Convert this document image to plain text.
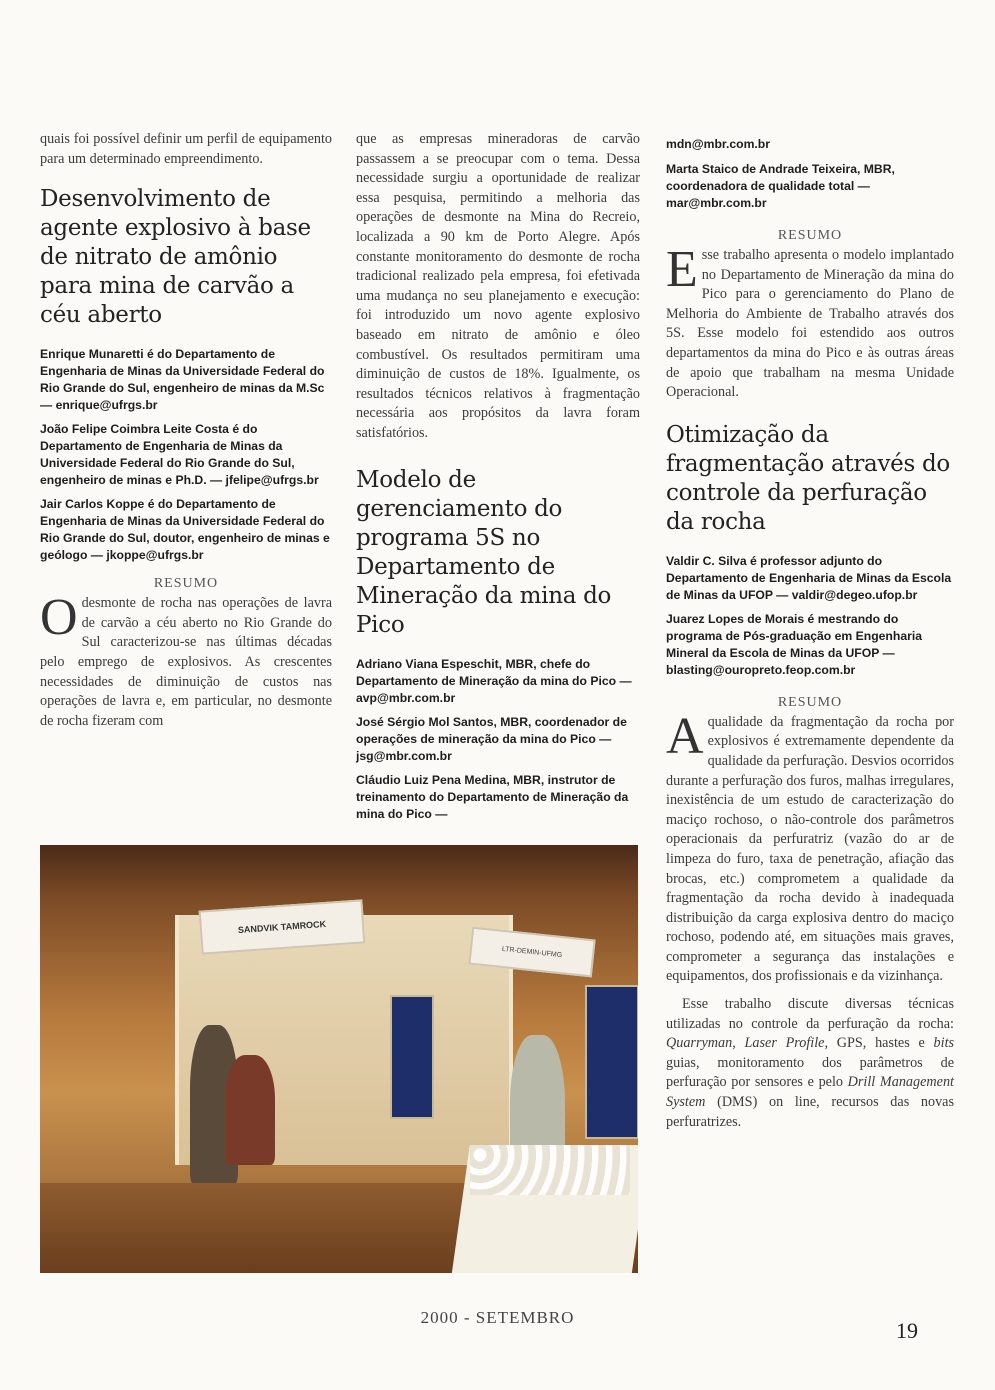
quais foi possível definir um perfil de equipamento para um determinado empreendimento.

Desenvolvimento de agente explosivo à base de nitrato de amônio para mina de carvão a céu aberto

Enrique Munaretti é do Departamento de Engenharia de Minas da Universidade Federal do Rio Grande do Sul, engenheiro de minas da M.Sc — enrique@ufrgs.br

João Felipe Coimbra Leite Costa é do Departamento de Engenharia de Minas da Universidade Federal do Rio Grande do Sul, engenheiro de minas e Ph.D. — jfelipe@ufrgs.br

Jair Carlos Koppe é do Departamento de Engenharia de Minas da Universidade Federal do Rio Grande do Sul, doutor, engenheiro de minas e geólogo — jkoppe@ufrgs.br

RESUMO

Odesmonte de rocha nas operações de lavra de carvão a céu aberto no Rio Grande do Sul caracterizou-se nas últimas décadas pelo emprego de explosivos. As crescentes necessidades de diminuição de custos nas operações de lavra e, em particular, no desmonte de rocha fizeram com

que as empresas mineradoras de carvão passassem a se preocupar com o tema. Dessa necessidade surgiu a oportunidade de realizar essa pesquisa, permitindo a melhoria das operações de desmonte na Mina do Recreio, localizada a 90 km de Porto Alegre. Após constante monitoramento do desmonte de rocha tradicional realizado pela empresa, foi efetivada uma mudança no seu planejamento e execução: foi introduzido um novo agente explosivo baseado em nitrato de amônio e óleo combustível. Os resultados permitiram uma diminuição de custos de 18%. Igualmente, os resultados técnicos relativos à fragmentação necessária aos propósitos da lavra foram satisfatórios.

Modelo de gerenciamento do programa 5S no Departamento de Mineração da mina do Pico

Adriano Viana Espeschit, MBR, chefe do Departamento de Mineração da mina do Pico — avp@mbr.com.br

José Sérgio Mol Santos, MBR, coordenador de operações de mineração da mina do Pico — jsg@mbr.com.br

Cláudio Luiz Pena Medina, MBR, instrutor de treinamento do Departamento de Mineração da mina do Pico —

mdn@mbr.com.br

Marta Staico de Andrade Teixeira, MBR, coordenadora de qualidade total — mar@mbr.com.br

RESUMO

Esse trabalho apresenta o modelo implantado no Departamento de Mineração da mina do Pico para o gerenciamento do Plano de Melhoria do Ambiente de Trabalho através dos 5S. Esse modelo foi estendido aos outros departamentos da mina do Pico e às outras áreas de apoio que trabalham na mesma Unidade Operacional.

Otimização da fragmentação através do controle da perfuração da rocha

Valdir C. Silva é professor adjunto do Departamento de Engenharia de Minas da Escola de Minas da UFOP — valdir@degeo.ufop.br

Juarez Lopes de Morais é mestrando do programa de Pós-graduação em Engenharia Mineral da Escola de Minas da UFOP — blasting@ouropreto.feop.com.br

RESUMO

Aqualidade da fragmentação da rocha por explosivos é extremamente dependente da qualidade da perfuração. Desvios ocorridos durante a perfuração dos furos, malhas irregulares, inexistência de um estudo de caracterização do maciço rochoso, o não-controle dos parâmetros operacionais da perfuratriz (vazão do ar de limpeza do furo, taxa de penetração, afiação das brocas, etc.) comprometem a qualidade da fragmentação da rocha devido à inadequada distribuição da carga explosiva dentro do maciço rochoso, podendo até, em situações mais graves, comprometer a segurança das instalações e equipamentos, dos profissionais e da vizinhança.

Esse trabalho discute diversas técnicas utilizadas no controle da perfuração da rocha: Quarryman, Laser Profile, GPS, hastes e bits guias, monitoramento dos parâmetros de perfuração por sensores e pelo Drill Management System (DMS) on line, recursos das novas perfuratrizes.

SANDVIK TAMROCK
LTR-DEMIN-UFMG
2000 - SETEMBRO
19
